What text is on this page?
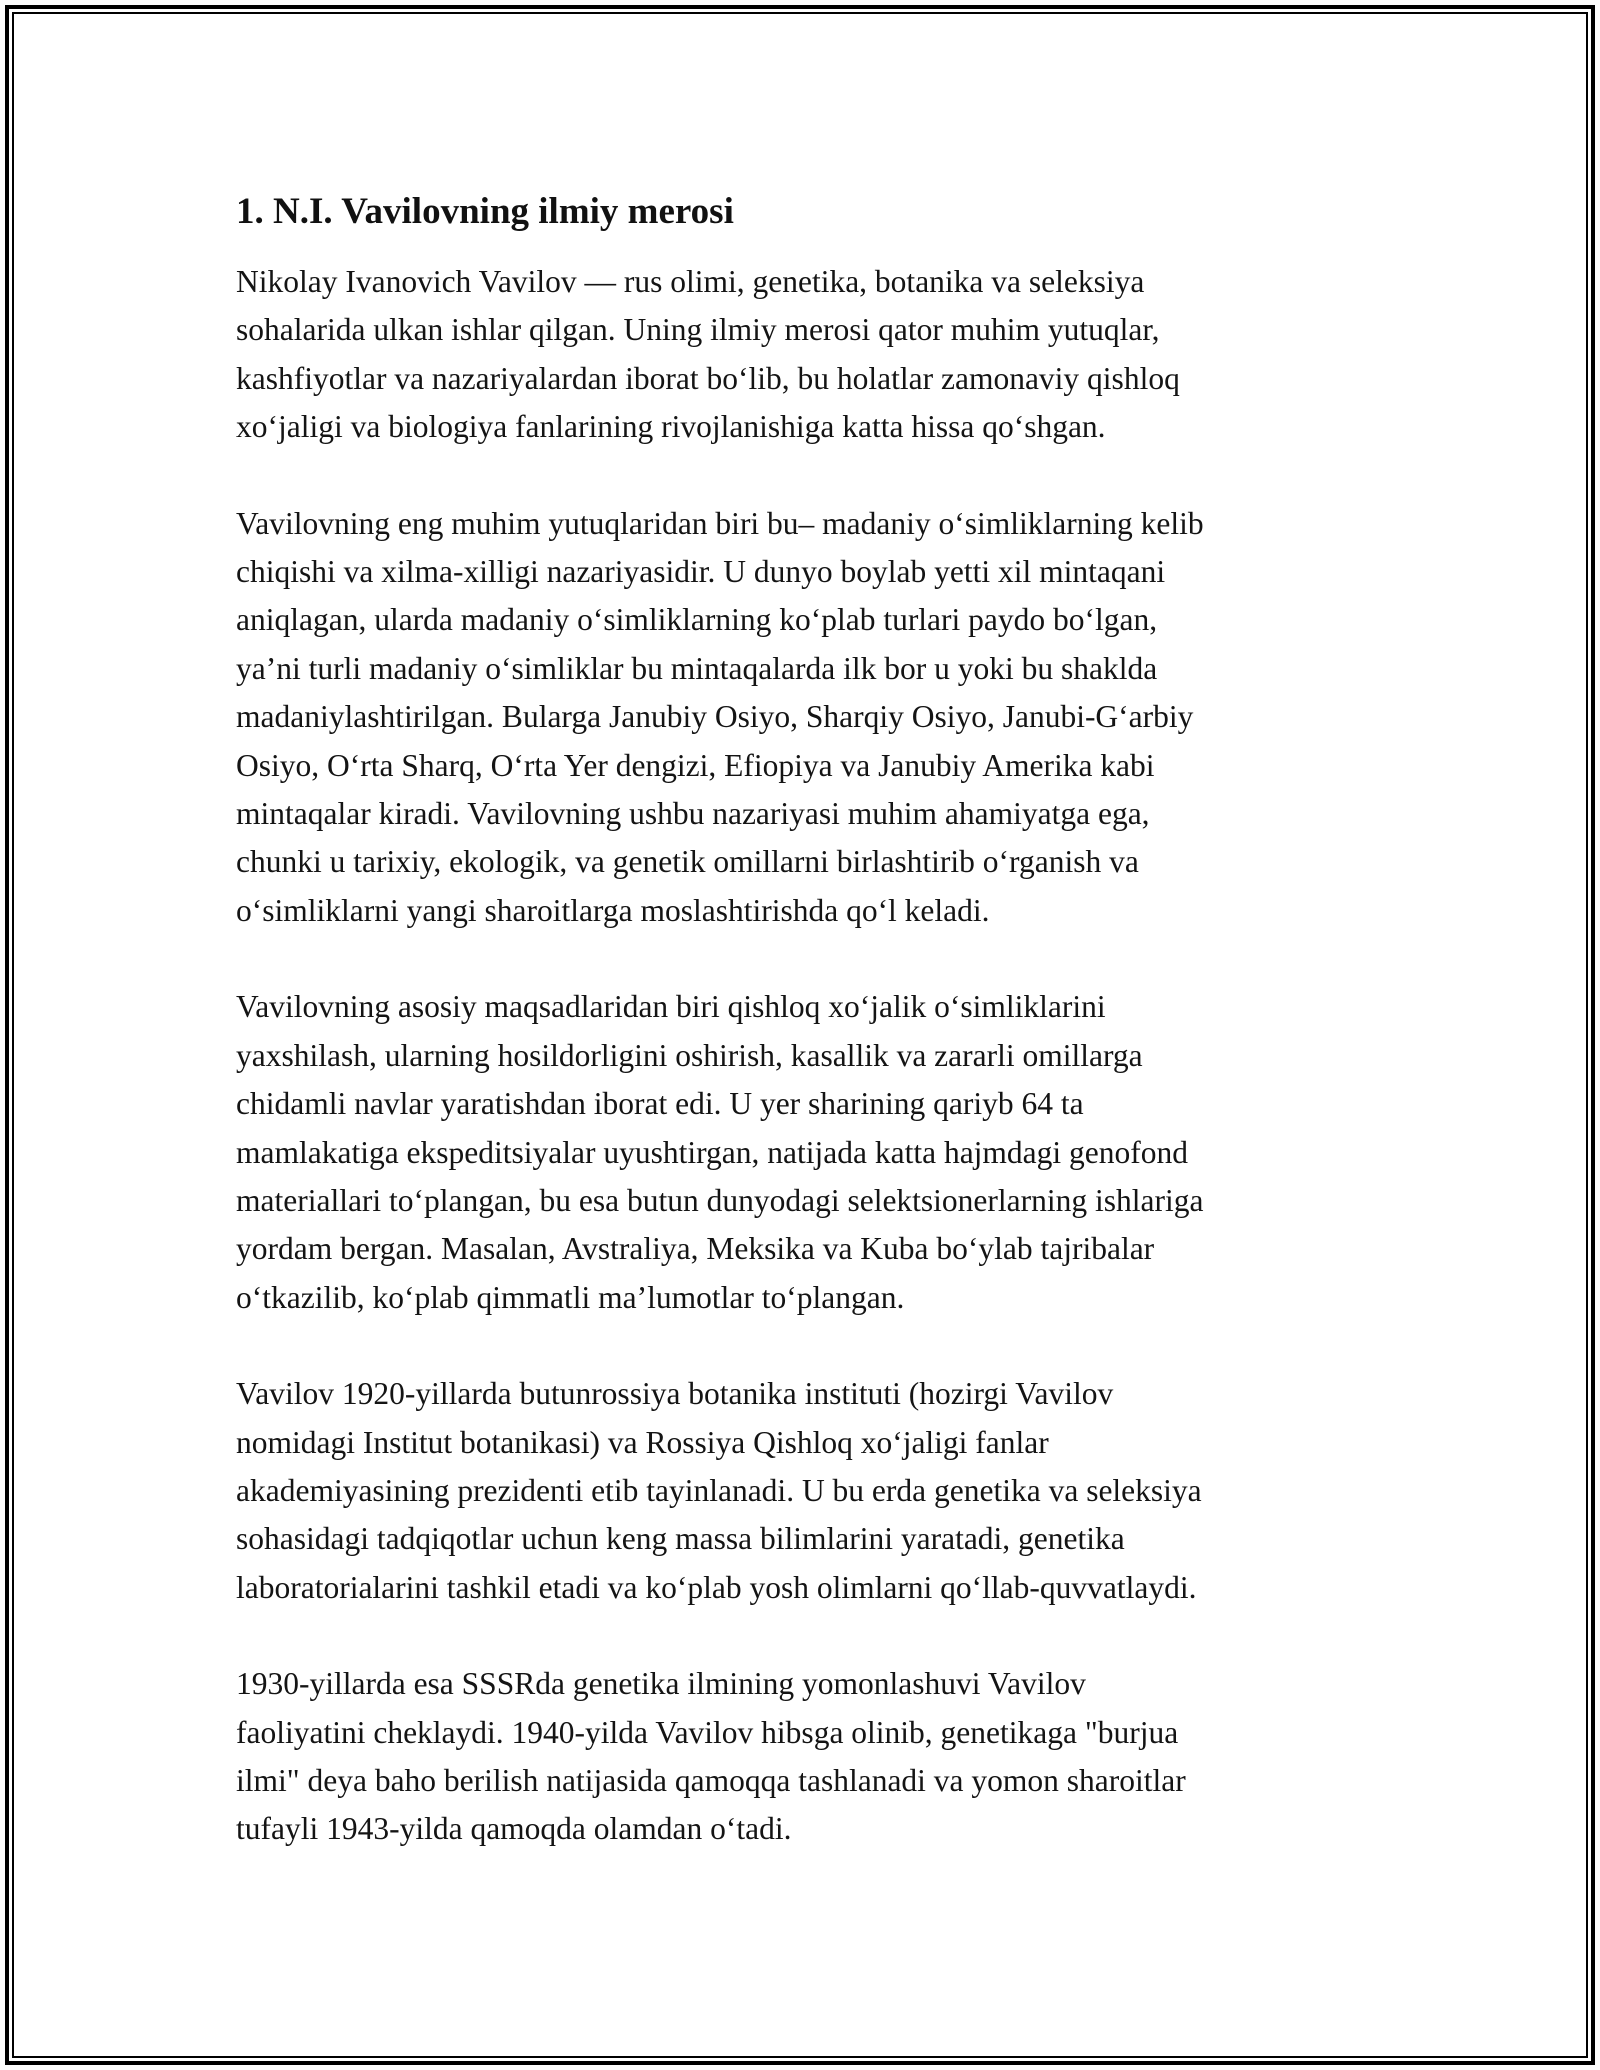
1. N.I. Vavilovning ilmiy merosi
Nikolay Ivanovich Vavilov — rus olimi, genetika, botanika va seleksiya
sohalarida ulkan ishlar qilgan. Uning ilmiy merosi qator muhim yutuqlar,
kashfiyotlar va nazariyalardan iborat boʻlib, bu holatlar zamonaviy qishloq
xoʻjaligi va biologiya fanlarining rivojlanishiga katta hissa qoʻshgan.
Vavilovning eng muhim yutuqlaridan biri bu– madaniy oʻsimliklarning kelib
chiqishi va xilma-xilligi nazariyasidir. U dunyo boylab yetti xil mintaqani
aniqlagan, ularda madaniy oʻsimliklarning koʻplab turlari paydo boʻlgan,
ya’ni turli madaniy oʻsimliklar bu mintaqalarda ilk bor u yoki bu shaklda
madaniylashtirilgan. Bularga Janubiy Osiyo, Sharqiy Osiyo, Janubi-Gʻarbiy
Osiyo, Oʻrta Sharq, Oʻrta Yer dengizi, Efiopiya va Janubiy Amerika kabi
mintaqalar kiradi. Vavilovning ushbu nazariyasi muhim ahamiyatga ega,
chunki u tarixiy, ekologik, va genetik omillarni birlashtirib oʻrganish va
oʻsimliklarni yangi sharoitlarga moslashtirishda qoʻl keladi.
Vavilovning asosiy maqsadlaridan biri qishloq xoʻjalik oʻsimliklarini
yaxshilash, ularning hosildorligini oshirish, kasallik va zararli omillarga
chidamli navlar yaratishdan iborat edi. U yer sharining qariyb 64 ta
mamlakatiga ekspeditsiyalar uyushtirgan, natijada katta hajmdagi genofond
materiallari toʻplangan, bu esa butun dunyodagi selektsionerlarning ishlariga
yordam bergan. Masalan, Avstraliya, Meksika va Kuba boʻylab tajribalar
oʻtkazilib, koʻplab qimmatli ma’lumotlar toʻplangan.
Vavilov 1920-yillarda butunrossiya botanika instituti (hozirgi Vavilov
nomidagi Institut botanikasi) va Rossiya Qishloq xoʻjaligi fanlar
akademiyasining prezidenti etib tayinlanadi. U bu erda genetika va seleksiya
sohasidagi tadqiqotlar uchun keng massa bilimlarini yaratadi, genetika
laboratorialarini tashkil etadi va koʻplab yosh olimlarni qoʻllab-quvvatlaydi.
1930-yillarda esa SSSRda genetika ilmining yomonlashuvi Vavilov
faoliyatini cheklaydi. 1940-yilda Vavilov hibsga olinib, genetikaga "burjua
ilmi" deya baho berilish natijasida qamoqqa tashlanadi va yomon sharoitlar
tufayli 1943-yilda qamoqda olamdan oʻtadi.
